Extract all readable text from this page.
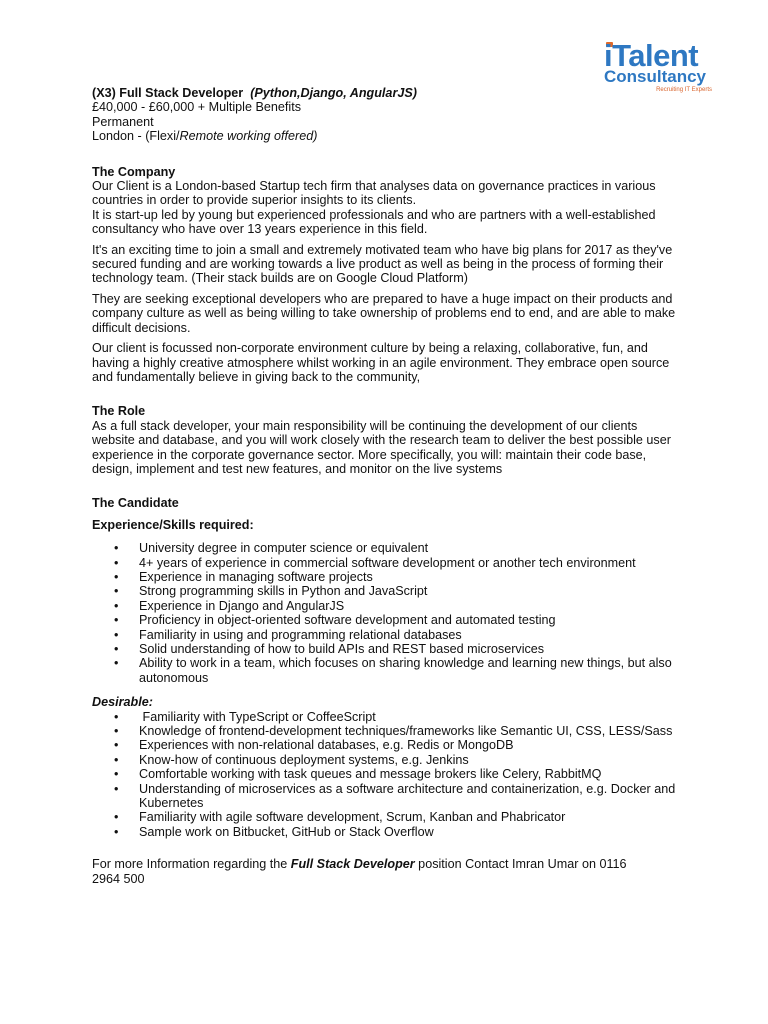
iTalent
Consultancy
Recruiting IT Experts

(X3) Full Stack Developer (Python,Django, AngularJS)

£40,000 - £60,000 + Multiple Benefits

Permanent

London - (Flexi/Remote working offered)

The Company

Our Client is a London-based Startup tech firm that analyses data on governance practices in various countries in order to provide superior insights to its clients.

It is start-up led by young but experienced professionals and who are partners with a well-established consultancy who have over 13 years experience in this field.

It's an exciting time to join a small and extremely motivated team who have big plans for 2017 as they've secured funding and are working towards a live product as well as being in the process of forming their technology team. (Their stack builds are on Google Cloud Platform)

They are seeking exceptional developers who are prepared to have a huge impact on their products and company culture as well as being willing to take ownership of problems end to end, and are able to make difficult decisions.

Our client is focussed non-corporate environment culture by being a relaxing, collaborative, fun, and having a highly creative atmosphere whilst working in an agile environment. They embrace open source and fundamentally believe in giving back to the community,

The Role

As a full stack developer, your main responsibility will be continuing the development of our clients website and database, and you will work closely with the research team to deliver the best possible user experience in the corporate governance sector. More specifically, you will: maintain their code base, design, implement and test new features, and monitor on the live systems

The Candidate

Experience/Skills required:

• University degree in computer science or equivalent
• 4+ years of experience in commercial software development or another tech environment
• Experience in managing software projects
• Strong programming skills in Python and JavaScript
• Experience in Django and AngularJS
• Proficiency in object-oriented software development and automated testing
• Familiarity in using and programming relational databases
• Solid understanding of how to build APIs and REST based microservices
• Ability to work in a team, which focuses on sharing knowledge and learning new things, but also autonomous

Desirable:

• Familiarity with TypeScript or CoffeeScript
• Knowledge of frontend-development techniques/frameworks like Semantic UI, CSS, LESS/Sass
• Experiences with non-relational databases, e.g. Redis or MongoDB
• Know-how of continuous deployment systems, e.g. Jenkins
• Comfortable working with task queues and message brokers like Celery, RabbitMQ
• Understanding of microservices as a software architecture and containerization, e.g. Docker and Kubernetes
• Familiarity with agile software development, Scrum, Kanban and Phabricator
• Sample work on Bitbucket, GitHub or Stack Overflow

For more Information regarding the Full Stack Developer position Contact Imran Umar on 0116 2964 500
